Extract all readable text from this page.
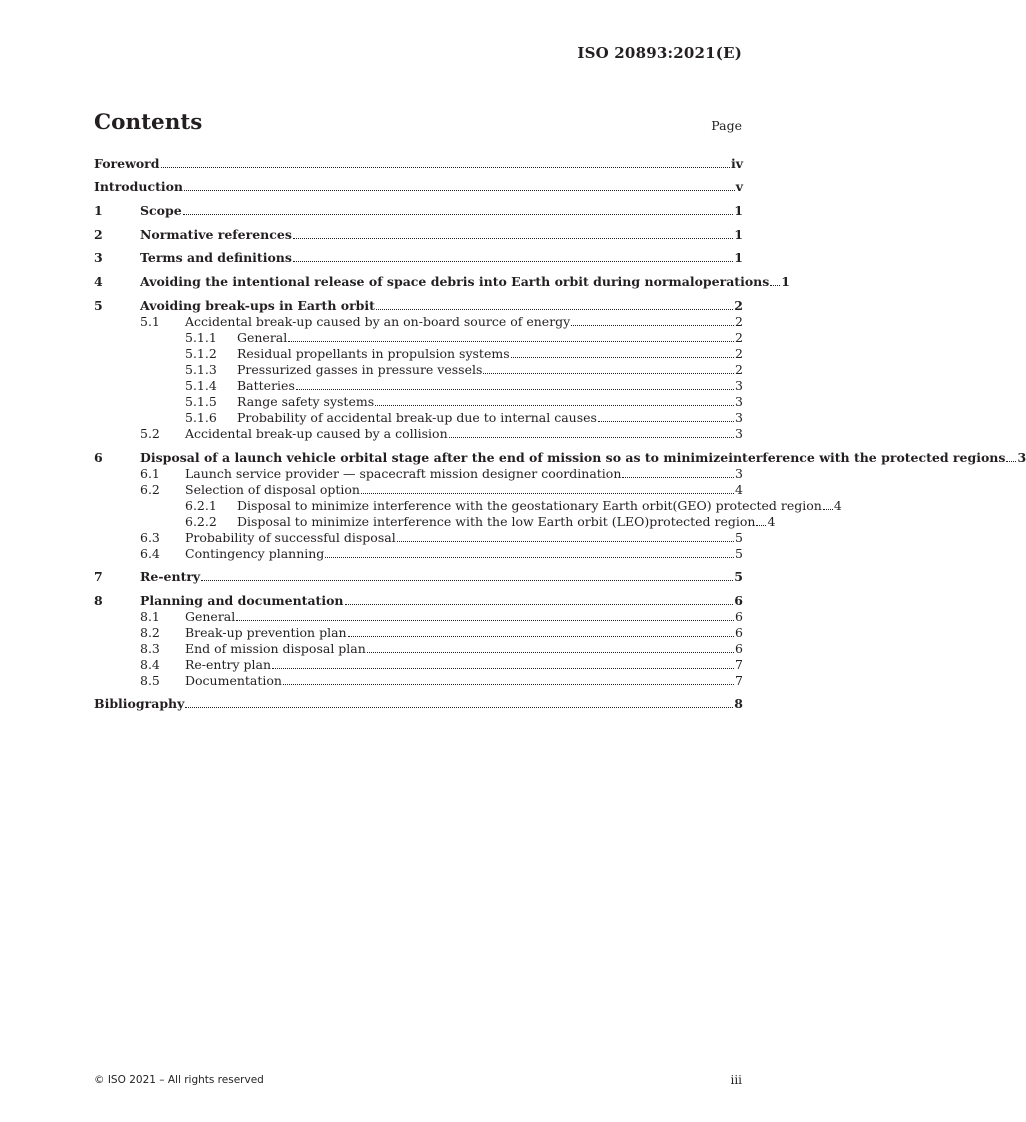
ISO 20893:2021(E)
Contents	Page
Foreword	iv
Introduction	v
1	Scope	1
2	Normative references	1
3	Terms and definitions	1
4	Avoiding the intentional release of space debris into Earth orbit during normal operations 1
5	Avoiding break-ups in Earth orbit	2
5.1 Accidental break-up caused by an on-board source of energy	2
5.1.1 General	2
5.1.2 Residual propellants in propulsion systems	2
5.1.3 Pressurized gasses in pressure vessels	2
5.1.4 Batteries	3
5.1.5 Range safety systems	3
5.1.6 Probability of accidental break-up due to internal causes	3
5.2 Accidental break-up caused by a collision	3
6	Disposal of a launch vehicle orbital stage after the end of mission so as to minimize interference with the protected regions 3
6.1 Launch service provider — spacecraft mission designer coordination	3
6.2 Selection of disposal option	4
6.2.1 Disposal to minimize interference with the geostationary Earth orbit (GEO) protected region 4
6.2.2 Disposal to minimize interference with the low Earth orbit (LEO) protected region 4
6.3 Probability of successful disposal	5
6.4 Contingency planning	5
7	Re-entry	5
8	Planning and documentation	6
8.1 General	6
8.2 Break-up prevention plan	6
8.3 End of mission disposal plan	6
8.4 Re-entry plan	7
8.5 Documentation	7
Bibliography	8
© ISO 2021 – All rights reserved	iii
